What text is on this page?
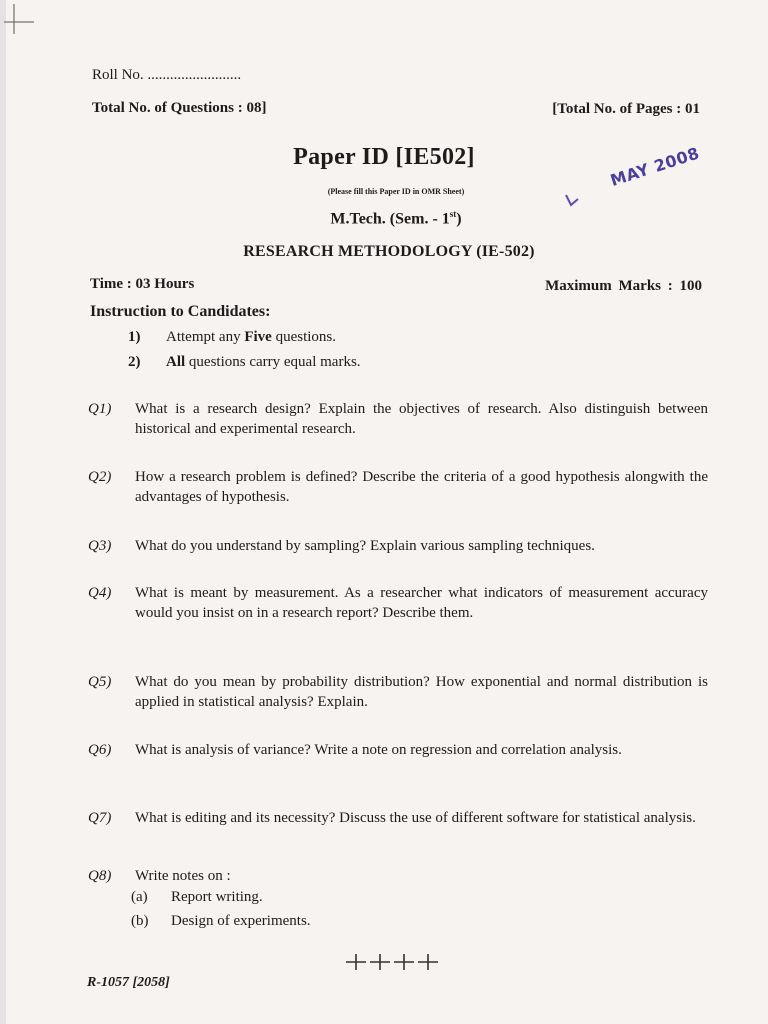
Roll No. .........................
Total No. of Questions : 08]	[Total No. of Pages : 01
Paper ID [IE502]
(Please fill this Paper ID in OMR Sheet)
MAY 2008
M.Tech. (Sem. - 1st)
RESEARCH METHODOLOGY (IE-502)
Time : 03 Hours	Maximum Marks : 100
Instruction to Candidates:
1) Attempt any Five questions.
2) All questions carry equal marks.
Q1) What is a research design? Explain the objectives of research. Also distinguish between historical and experimental research.
Q2) How a research problem is defined? Describe the criteria of a good hypothesis alongwith the advantages of hypothesis.
Q3) What do you understand by sampling? Explain various sampling techniques.
Q4) What is meant by measurement. As a researcher what indicators of measurement accuracy would you insist on in a research report? Describe them.
Q5) What do you mean by probability distribution? How exponential and normal distribution is applied in statistical analysis? Explain.
Q6) What is analysis of variance? Write a note on regression and correlation analysis.
Q7) What is editing and its necessity? Discuss the use of different software for statistical analysis.
Q8) Write notes on :
(a) Report writing.
(b) Design of experiments.
R-1057 [2058]
